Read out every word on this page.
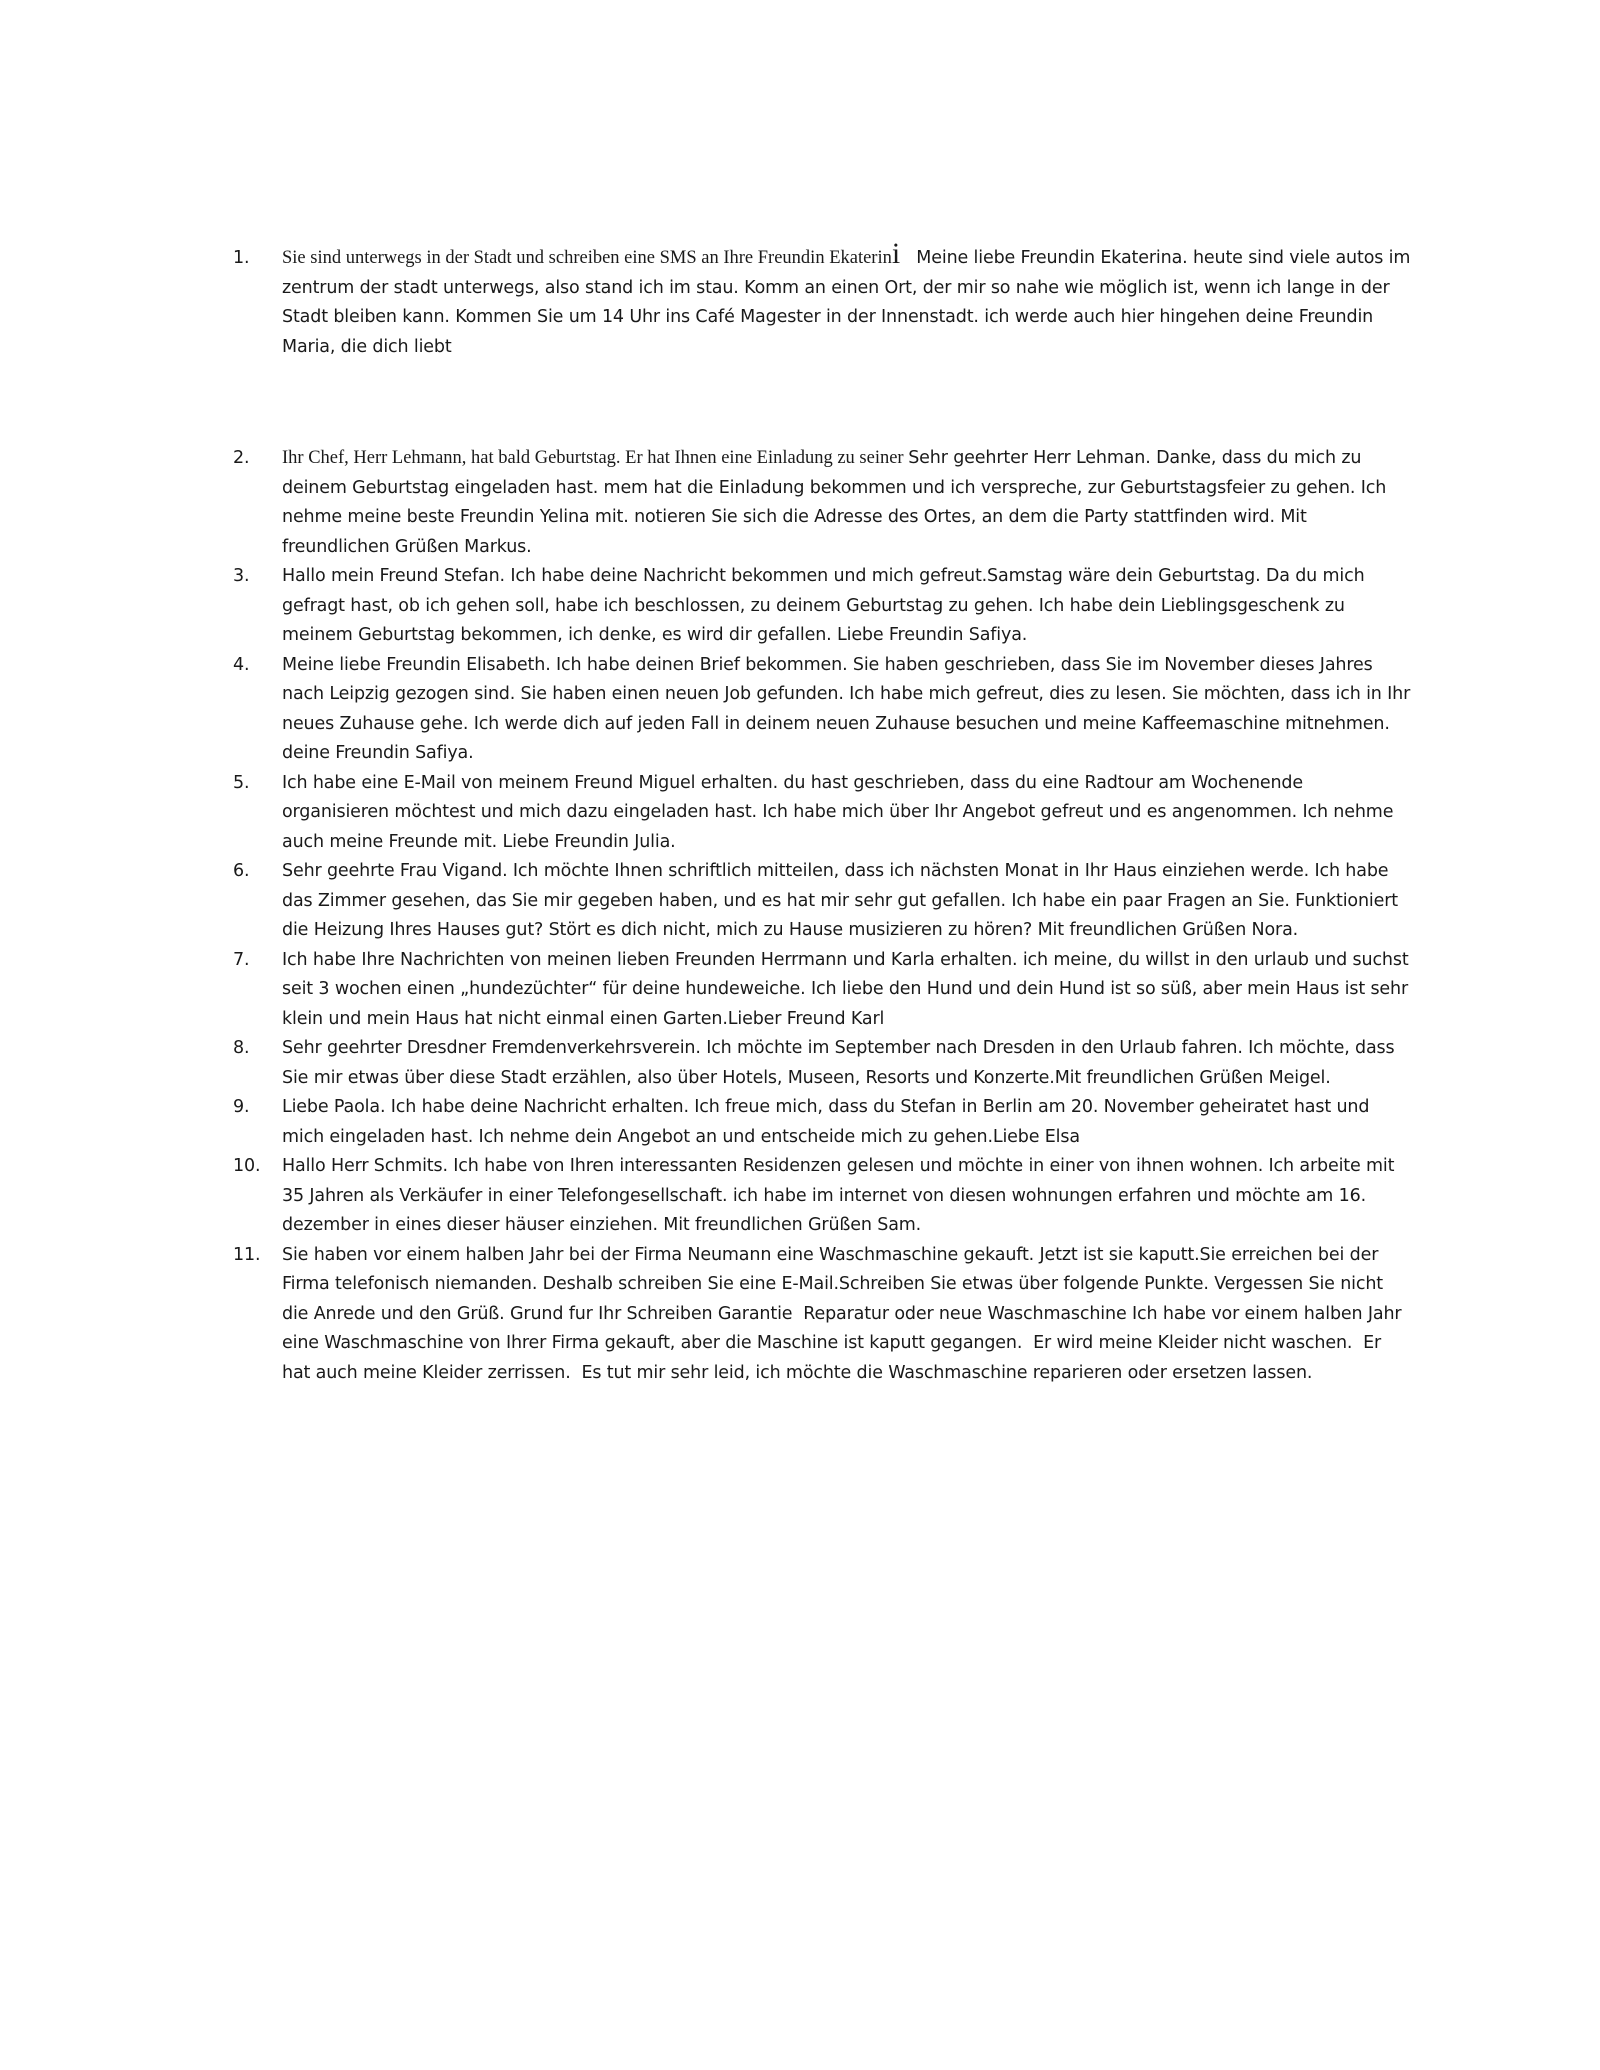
1. Sie sind unterwegs in der Stadt und schreiben eine SMS an Ihre Freundin Ekaterini   Meine liebe Freundin Ekaterina. heute sind viele autos im zentrum der stadt unterwegs, also stand ich im stau. Komm an einen Ort, der mir so nahe wie möglich ist, wenn ich lange in der Stadt bleiben kann. Kommen Sie um 14 Uhr ins Café Magester in der Innenstadt. ich werde auch hier hingehen deine Freundin Maria, die dich liebt
2. Ihr Chef, Herr Lehmann, hat bald Geburtstag. Er hat Ihnen eine Einladung zu seiner Sehr geehrter Herr Lehman. Danke, dass du mich zu deinem Geburtstag eingeladen hast. mem hat die Einladung bekommen und ich verspreche, zur Geburtstagsfeier zu gehen. Ich nehme meine beste Freundin Yelina mit. notieren Sie sich die Adresse des Ortes, an dem die Party stattfinden wird. Mit freundlichen Grüßen Markus.
3. Hallo mein Freund Stefan. Ich habe deine Nachricht bekommen und mich gefreut.Samstag wäre dein Geburtstag. Da du mich gefragt hast, ob ich gehen soll, habe ich beschlossen, zu deinem Geburtstag zu gehen. Ich habe dein Lieblingsgeschenk zu meinem Geburtstag bekommen, ich denke, es wird dir gefallen. Liebe Freundin Safiya.
4. Meine liebe Freundin Elisabeth. Ich habe deinen Brief bekommen. Sie haben geschrieben, dass Sie im November dieses Jahres nach Leipzig gezogen sind. Sie haben einen neuen Job gefunden. Ich habe mich gefreut, dies zu lesen. Sie möchten, dass ich in Ihr neues Zuhause gehe. Ich werde dich auf jeden Fall in deinem neuen Zuhause besuchen und meine Kaffeemaschine mitnehmen. deine Freundin Safiya.
5. Ich habe eine E-Mail von meinem Freund Miguel erhalten. du hast geschrieben, dass du eine Radtour am Wochenende organisieren möchtest und mich dazu eingeladen hast. Ich habe mich über Ihr Angebot gefreut und es angenommen. Ich nehme auch meine Freunde mit. Liebe Freundin Julia.
6. Sehr geehrte Frau Vigand. Ich möchte Ihnen schriftlich mitteilen, dass ich nächsten Monat in Ihr Haus einziehen werde. Ich habe das Zimmer gesehen, das Sie mir gegeben haben, und es hat mir sehr gut gefallen. Ich habe ein paar Fragen an Sie. Funktioniert die Heizung Ihres Hauses gut? Stört es dich nicht, mich zu Hause musizieren zu hören? Mit freundlichen Grüßen Nora.
7. Ich habe Ihre Nachrichten von meinen lieben Freunden Herrmann und Karla erhalten. ich meine, du willst in den urlaub und suchst seit 3 wochen einen „hundezüchter“ für deine hundeweiche. Ich liebe den Hund und dein Hund ist so süß, aber mein Haus ist sehr klein und mein Haus hat nicht einmal einen Garten.Lieber Freund Karl
8. Sehr geehrter Dresdner Fremdenverkehrsverein. Ich möchte im September nach Dresden in den Urlaub fahren. Ich möchte, dass Sie mir etwas über diese Stadt erzählen, also über Hotels, Museen, Resorts und Konzerte.Mit freundlichen Grüßen Meigel.
9. Liebe Paola. Ich habe deine Nachricht erhalten. Ich freue mich, dass du Stefan in Berlin am 20. November geheiratet hast und mich eingeladen hast. Ich nehme dein Angebot an und entscheide mich zu gehen.Liebe Elsa
10. Hallo Herr Schmits. Ich habe von Ihren interessanten Residenzen gelesen und möchte in einer von ihnen wohnen. Ich arbeite mit 35 Jahren als Verkäufer in einer Telefongesellschaft. ich habe im internet von diesen wohnungen erfahren und möchte am 16. dezember in eines dieser häuser einziehen. Mit freundlichen Grüßen Sam.
11. Sie haben vor einem halben Jahr bei der Firma Neumann eine Waschmaschine gekauft. Jetzt ist sie kaputt.Sie erreichen bei der Firma telefonisch niemanden. Deshalb schreiben Sie eine E-Mail.Schreiben Sie etwas über folgende Punkte. Vergessen Sie nicht die Anrede und den Grüß. Grund fur Ihr Schreiben Garantie  Reparatur oder neue Waschmaschine Ich habe vor einem halben Jahr eine Waschmaschine von Ihrer Firma gekauft, aber die Maschine ist kaputt gegangen.  Er wird meine Kleider nicht waschen.  Er hat auch meine Kleider zerrissen.  Es tut mir sehr leid, ich möchte die Waschmaschine reparieren oder ersetzen lassen.
